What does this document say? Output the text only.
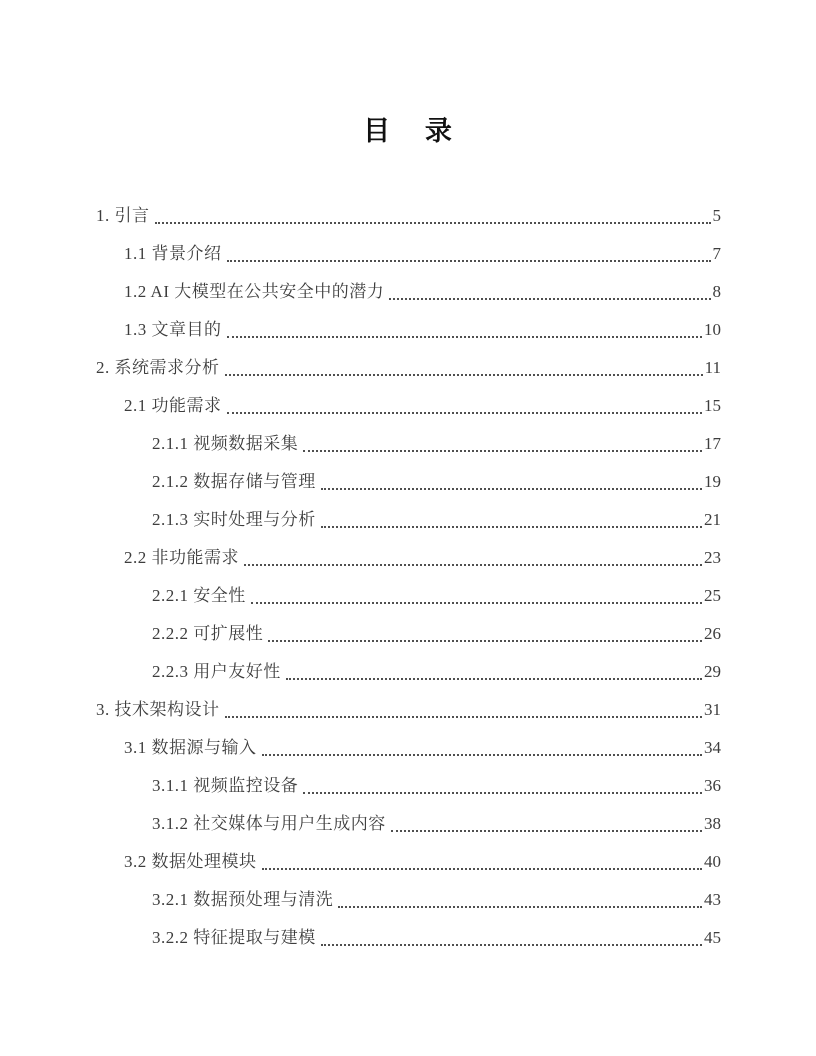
目 录
1. 引言	5
1.1 背景介绍	7
1.2 AI 大模型在公共安全中的潜力	8
1.3 文章目的	10
2. 系统需求分析	11
2.1 功能需求	15
2.1.1 视频数据采集	17
2.1.2 数据存储与管理	19
2.1.3 实时处理与分析	21
2.2 非功能需求	23
2.2.1 安全性	25
2.2.2 可扩展性	26
2.2.3 用户友好性	29
3. 技术架构设计	31
3.1 数据源与输入	34
3.1.1 视频监控设备	36
3.1.2 社交媒体与用户生成内容	38
3.2 数据处理模块	40
3.2.1 数据预处理与清洗	43
3.2.2 特征提取与建模	45
